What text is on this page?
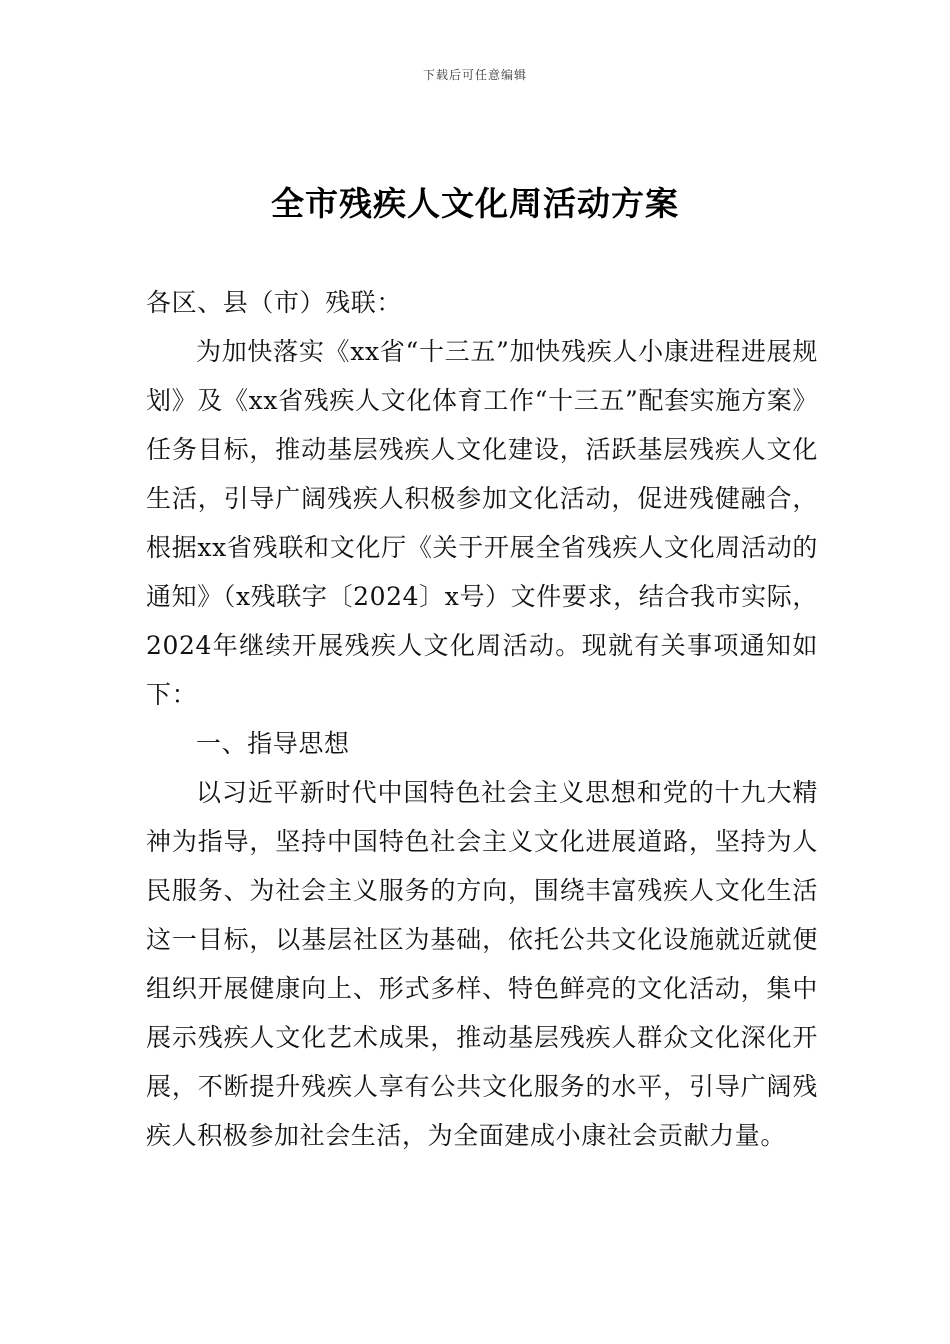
下载后可任意编辑
全市残疾人文化周活动方案

各区、县（市）残联：

为加快落实《xx省“十三五”加快残疾人小康进程进展规划》及《xx省残疾人文化体育工作“十三五”配套实施方案》任务目标，推动基层残疾人文化建设，活跃基层残疾人文化生活，引导广阔残疾人积极参加文化活动，促进残健融合，根据xx省残联和文化厅《关于开展全省残疾人文化周活动的通知》（x残联字〔2024〕x号）文件要求，结合我市实际，2024年继续开展残疾人文化周活动。现就有关事项通知如下：

一、指导思想

以习近平新时代中国特色社会主义思想和党的十九大精神为指导，坚持中国特色社会主义文化进展道路，坚持为人民服务、为社会主义服务的方向，围绕丰富残疾人文化生活这一目标，以基层社区为基础，依托公共文化设施就近就便组织开展健康向上、形式多样、特色鲜亮的文化活动，集中展示残疾人文化艺术成果，推动基层残疾人群众文化深化开展，不断提升残疾人享有公共文化服务的水平，引导广阔残疾人积极参加社会生活，为全面建成小康社会贡献力量。
